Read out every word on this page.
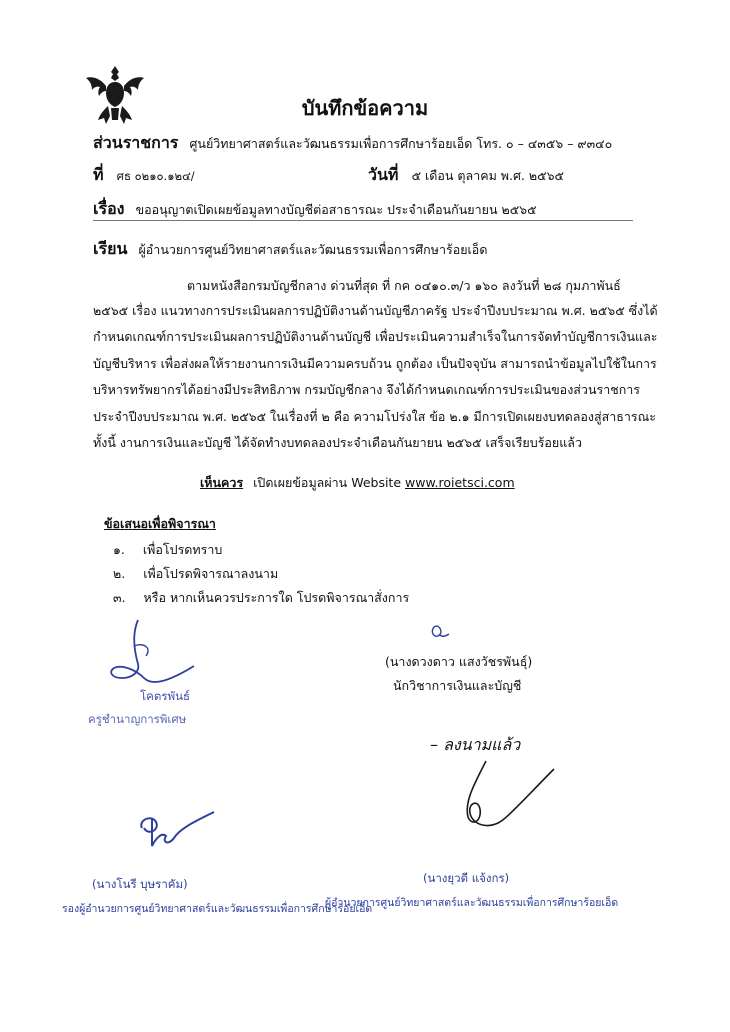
บันทึกข้อความ
ส่วนราชการ ศูนย์วิทยาศาสตร์และวัฒนธรรมเพื่อการศึกษาร้อยเอ็ด โทร. ๐ – ๔๓๕๖ – ๙๓๔๐
ที่ ศธ ๐๒๑๐.๑๒๔/	วันที่ ๕ เดือน ตุลาคม พ.ศ. ๒๕๖๕
เรื่อง ขออนุญาตเปิดเผยข้อมูลทางบัญชีต่อสาธารณะ ประจำเดือนกันยายน ๒๕๖๕
เรียน ผู้อำนวยการศูนย์วิทยาศาสตร์และวัฒนธรรมเพื่อการศึกษาร้อยเอ็ด
ตามหนังสือกรมบัญชีกลาง ด่วนที่สุด ที่ กค ๐๔๑๐.๓/ว ๑๖๐ ลงวันที่ ๒๘ กุมภาพันธ์
๒๕๖๕ เรื่อง แนวทางการประเมินผลการปฏิบัติงานด้านบัญชีภาครัฐ ประจำปีงบประมาณ พ.ศ. ๒๕๖๕ ซึ่งได้
กำหนดเกณฑ์การประเมินผลการปฏิบัติงานด้านบัญชี เพื่อประเมินความสำเร็จในการจัดทำบัญชีการเงินและ
บัญชีบริหาร เพื่อส่งผลให้รายงานการเงินมีความครบถ้วน ถูกต้อง เป็นปัจจุบัน สามารถนำข้อมูลไปใช้ในการ
บริหารทรัพยากรได้อย่างมีประสิทธิภาพ กรมบัญชีกลาง จึงได้กำหนดเกณฑ์การประเมินของส่วนราชการ
ประจำปีงบประมาณ พ.ศ. ๒๕๖๕ ในเรื่องที่ ๒ คือ ความโปร่งใส ข้อ ๒.๑ มีการเปิดเผยงบทดลองสู่สาธารณะ
ทั้งนี้ งานการเงินและบัญชี ได้จัดทำงบทดลองประจำเดือนกันยายน ๒๕๖๕ เสร็จเรียบร้อยแล้ว
เห็นควร เปิดเผยข้อมูลผ่าน Website www.roietsci.com
ข้อเสนอเพื่อพิจารณา
๑. เพื่อโปรดทราบ
๒. เพื่อโปรดพิจารณาลงนาม
๓. หรือ หากเห็นควรประการใด โปรดพิจารณาสั่งการ
(นางดวงดาว แสงวัชรพันธุ์)
นักวิชาการเงินและบัญชี
โคตรพันธ์
ครูชำนาญการพิเศษ
– ลงนามแล้ว
(นางยุวดี แจ้งกร)
ผู้อำนวยการศูนย์วิทยาศาสตร์และวัฒนธรรมเพื่อการศึกษาร้อยเอ็ด
(นางโนรี บุษราคัม)
รองผู้อำนวยการศูนย์วิทยาศาสตร์และวัฒนธรรมเพื่อการศึกษาร้อยเอ็ด
